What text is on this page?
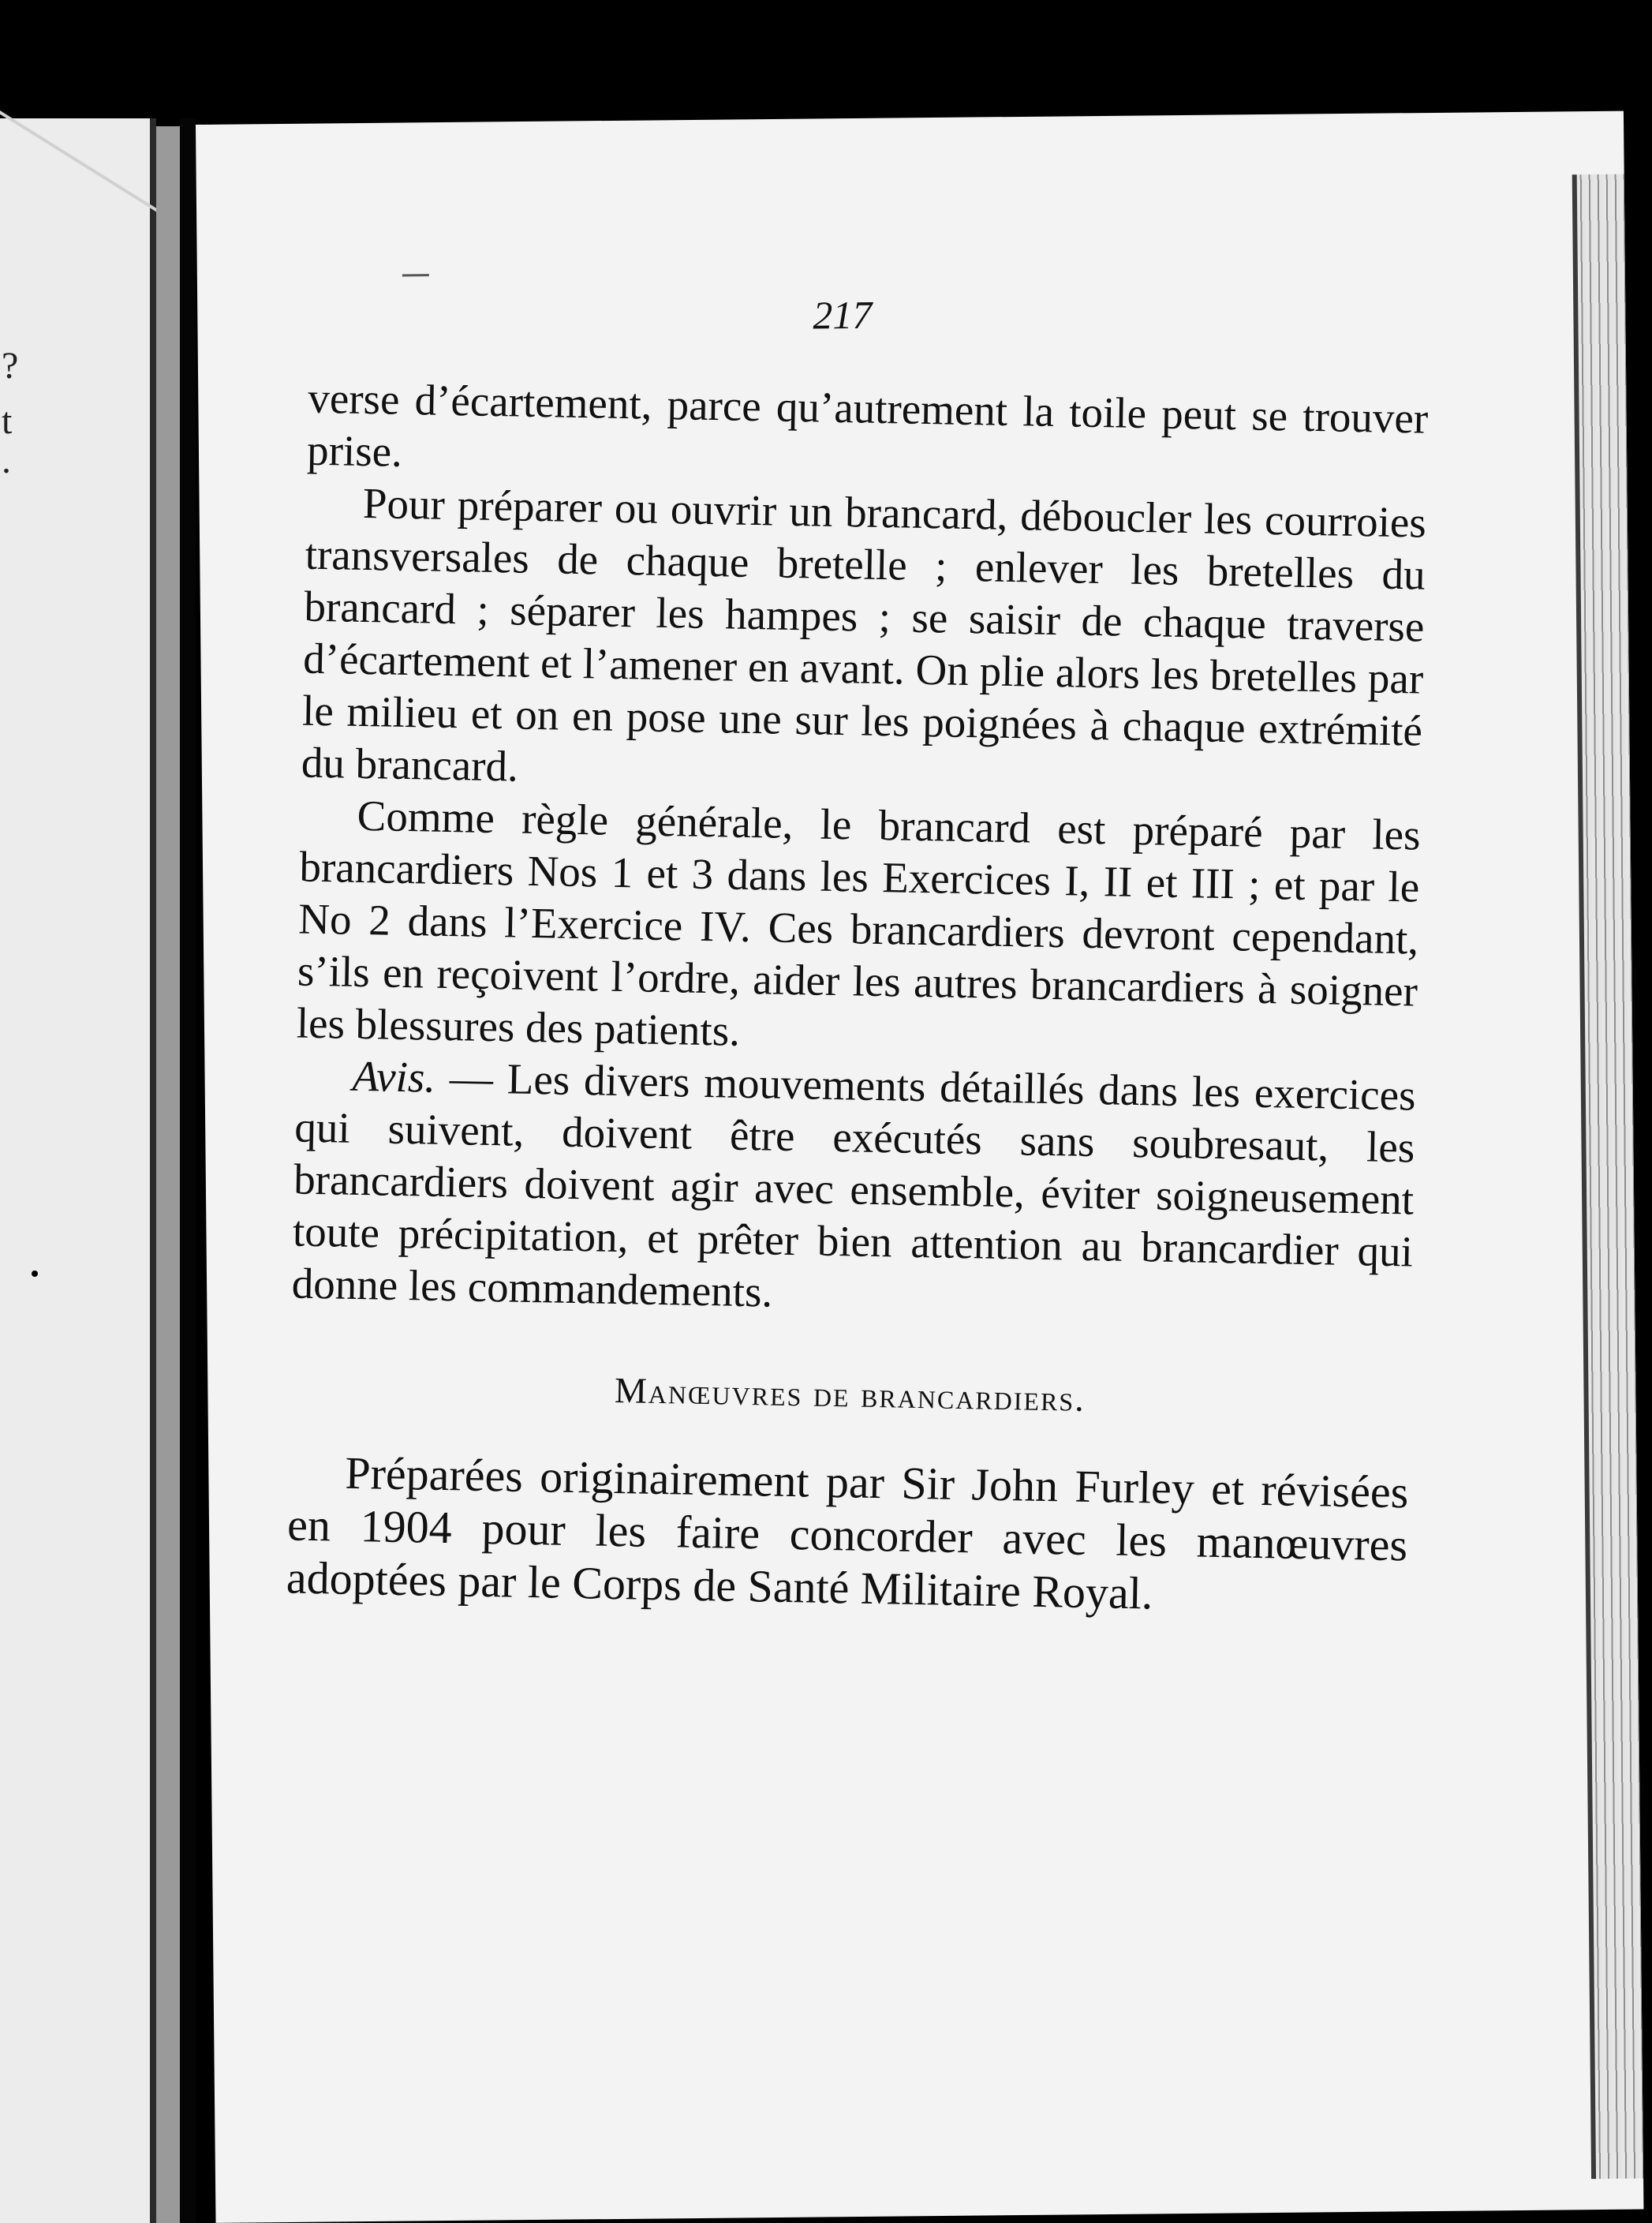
?
t
.
217

verse d’écartement, parce qu’autrement la toile peut se trouver prise.

Pour préparer ou ouvrir un brancard, déboucler les courroies transversales de chaque bretelle ; enlever les bretelles du brancard ; séparer les hampes ; se saisir de chaque traverse d’écartement et l’amener en avant. On plie alors les bretelles par le milieu et on en pose une sur les poignées à chaque extrémité du brancard.

Comme règle générale, le brancard est préparé par les brancardiers Nos 1 et 3 dans les Exercices I, II et III ; et par le No 2 dans l’Exercice IV. Ces brancardiers devront cependant, s’ils en reçoivent l’ordre, aider les autres brancardiers à soigner les blessures des patients.

Avis. — Les divers mouvements détaillés dans les exercices qui suivent, doivent être exécutés sans soubresaut, les brancardiers doivent agir avec ensemble, éviter soigneusement toute précipitation, et prêter bien attention au brancardier qui donne les commandements.

Manœuvres de brancardiers.

Préparées originairement par Sir John Furley et révisées en 1904 pour les faire concorder avec les manœuvres adoptées par le Corps de Santé Militaire Royal.
